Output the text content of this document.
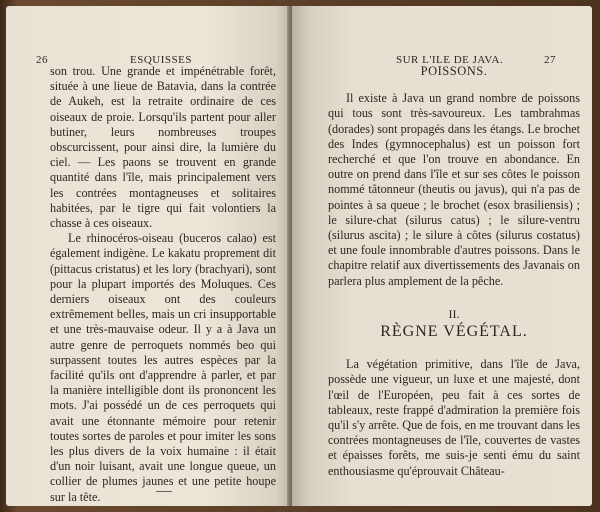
26	ESQUISSES

son trou. Une grande et impénétrable forêt, située à une lieue de Batavia, dans la contrée de Aukeh, est la retraite ordinaire de ces oiseaux de proie. Lorsqu'ils partent pour aller butiner, leurs nombreuses troupes obscurcissent, pour ainsi dire, la lumière du ciel. — Les paons se trouvent en grande quantité dans l'île, mais principalement vers les contrées montagneuses et solitaires habitées, par le tigre qui fait volontiers la chasse à ces oiseaux.

Le rhinocéros-oiseau (buceros calao) est également indigène. Le kakatu proprement dit (pittacus cristatus) et les lory (brachyari), sont pour la plupart importés des Moluques. Ces derniers oiseaux ont des couleurs extrêmement belles, mais un cri insupportable et une très-mauvaise odeur. Il y a à Java un autre genre de perroquets nommés beo qui surpassent toutes les autres espèces par la facilité qu'ils ont d'apprendre à parler, et par la manière intelligible dont ils prononcent les mots. J'ai possédé un de ces perroquets qui avait une étonnante mémoire pour retenir toutes sortes de paroles et pour imiter les sons les plus divers de la voix humaine : il était d'un noir luisant, avait une longue queue, un collier de plumes jaunes et une petite houpe sur la tête.

SUR L'ILE DE JAVA.	27
POISSONS.

Il existe à Java un grand nombre de poissons qui tous sont très-savoureux. Les tambrahmas (dorades) sont propagés dans les étangs. Le brochet des Indes (gymnocephalus) est un poisson fort recherché et que l'on trouve en abondance. En outre on prend dans l'île et sur ses côtes le poisson nommé tâtonneur (theutis ou javus), qui n'a pas de pointes à sa queue ; le brochet (esox brasiliensis) ; le silure-chat (silurus catus) ; le silure-ventru (silurus ascita) ; le silure à côtes (silurus costatus) et une foule innombrable d'autres poissons. Dans le chapitre relatif aux divertissements des Javanais on parlera plus amplement de la pêche.

II.
RÈGNE VÉGÉTAL.

La végétation primitive, dans l'île de Java, possède une vigueur, un luxe et une majesté, dont l'œil de l'Européen, peu fait à ces sortes de tableaux, reste frappé d'admiration la première fois qu'il s'y arrête. Que de fois, en me trouvant dans les contrées montagneuses de l'île, couvertes de vastes et épaisses forêts, me suis-je senti ému du saint enthousiasme qu'éprouvait Château-
